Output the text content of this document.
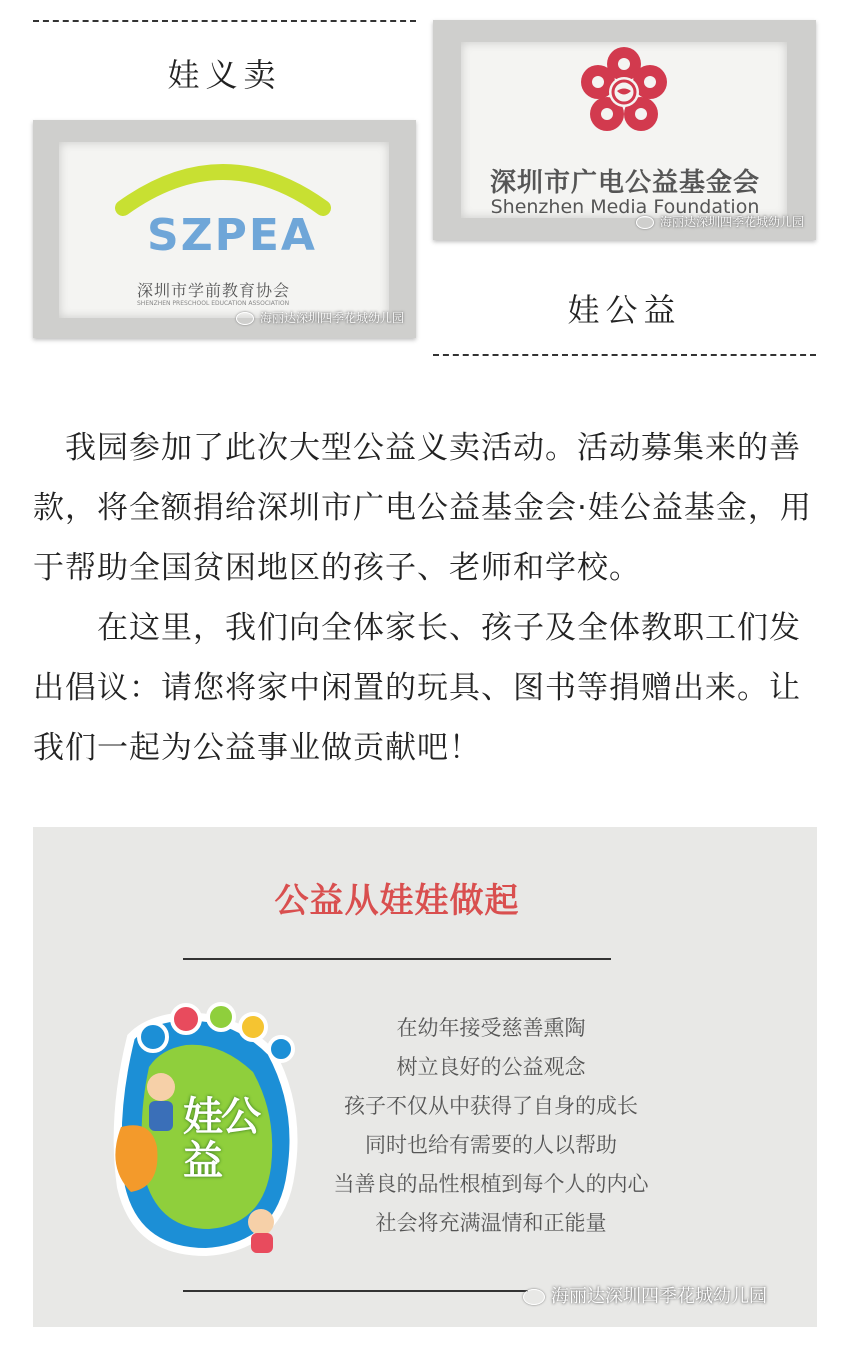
娃义卖
SZPEA
深圳市学前教育协会
SHENZHEN PRESCHOOL EDUCATION ASSOCIATION
海丽达深圳四季花城幼儿园
深圳市广电公益基金会
Shenzhen Media Foundation
海丽达深圳四季花城幼儿园
娃公益

　我园参加了此次大型公益义卖活动。活动募集来的善款，将全额捐给深圳市广电公益基金会·娃公益基金，用于帮助全国贫困地区的孩子、老师和学校。

　　在这里，我们向全体家长、孩子及全体教职工们发出倡议：请您将家中闲置的玩具、图书等捐赠出来。让我们一起为公益事业做贡献吧！

公益从娃娃做起
娃公益
在幼年接受慈善熏陶
树立良好的公益观念
孩子不仅从中获得了自身的成长
同时也给有需要的人以帮助
当善良的品性根植到每个人的内心
社会将充满温情和正能量
海丽达深圳四季花城幼儿园
